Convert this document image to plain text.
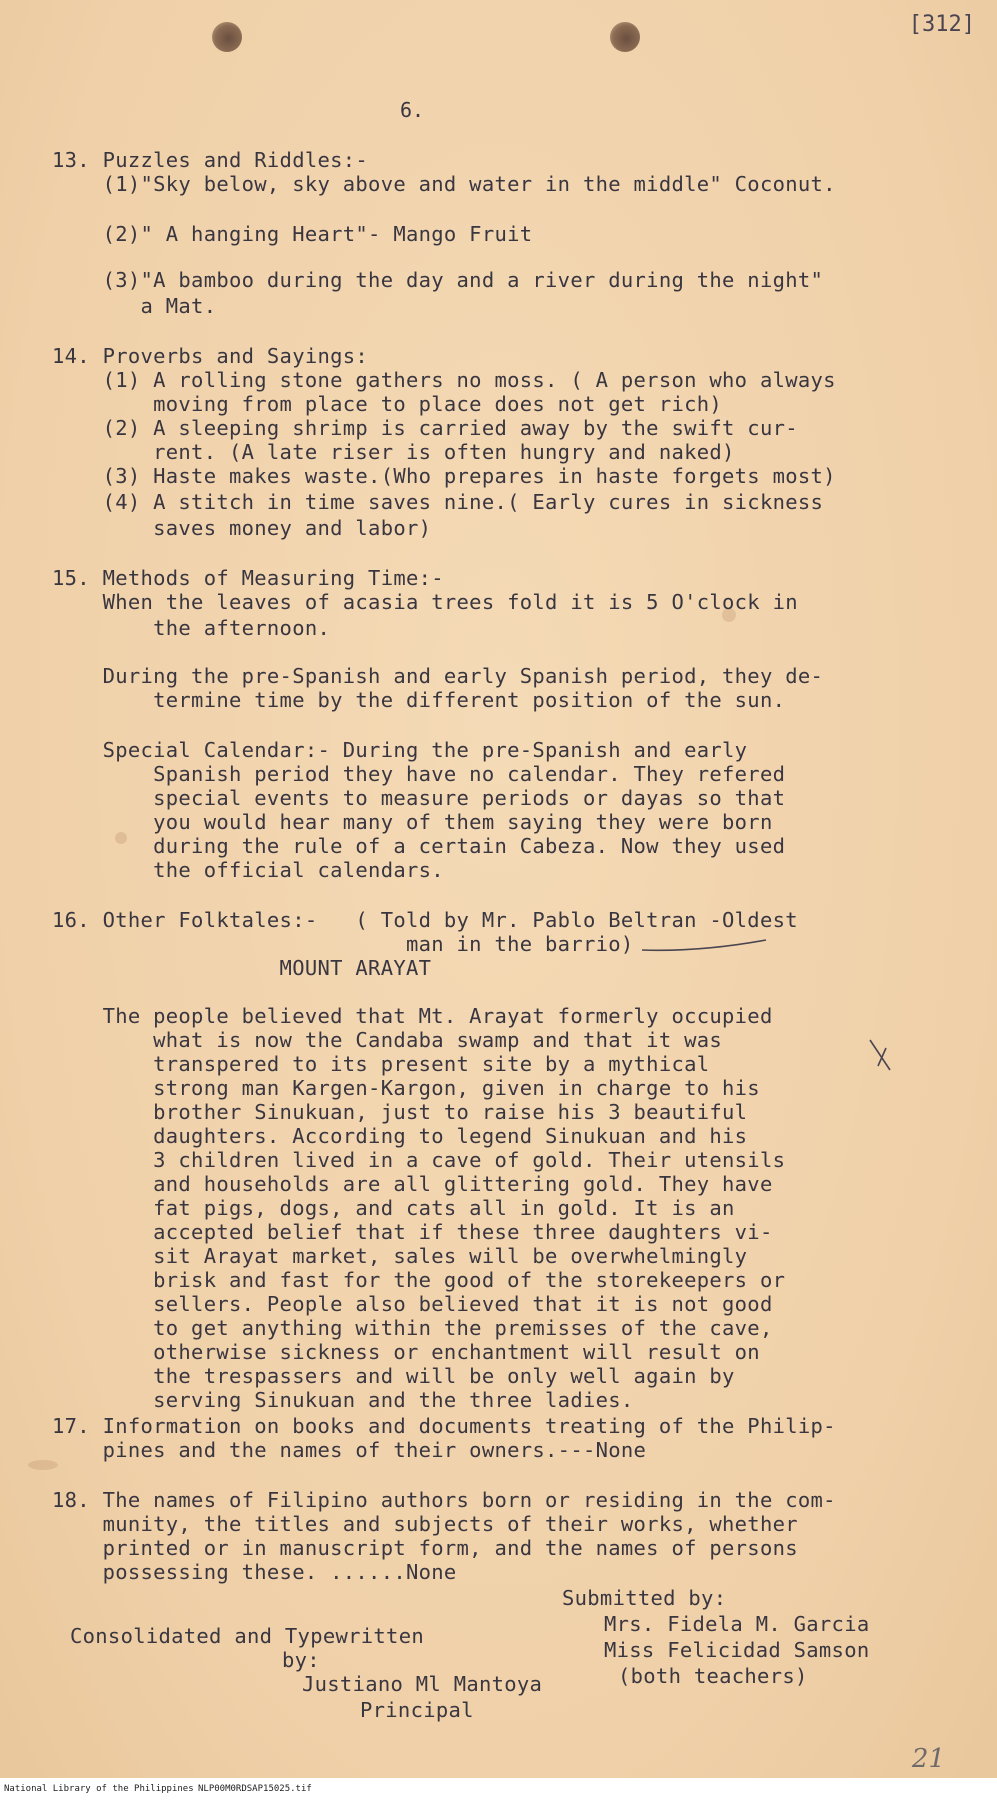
[312]
6.
13. Puzzles and Riddles:-
(1)"Sky below, sky above and water in the middle" Coconut.
(2)" A hanging Heart"- Mango Fruit
(3)"A bamboo during the day and a river during the night"
a Mat.
14. Proverbs and Sayings:
(1) A rolling stone gathers no moss. ( A person who always
moving from place to place does not get rich)
(2) A sleeping shrimp is carried away by the swift cur-
rent. (A late riser is often hungry and naked)
(3) Haste makes waste.(Who prepares in haste forgets most)
(4) A stitch in time saves nine.( Early cures in sickness
saves money and labor)
15. Methods of Measuring Time:-
When the leaves of acasia trees fold it is 5 O'clock in
the afternoon.
During the pre-Spanish and early Spanish period, they de-
termine time by the different position of the sun.
Special Calendar:- During the pre-Spanish and early
Spanish period they have no calendar. They refered
special events to measure periods or dayas so that
you would hear many of them saying they were born
during the rule of a certain Cabeza. Now they used
the official calendars.
16. Other Folktales:-   ( Told by Mr. Pablo Beltran -Oldest
man in the barrio)
MOUNT ARAYAT
The people believed that Mt. Arayat formerly occupied
what is now the Candaba swamp and that it was
transpered to its present site by a mythical
strong man Kargen-Kargon, given in charge to his
brother Sinukuan, just to raise his 3 beautiful
daughters. According to legend Sinukuan and his
3 children lived in a cave of gold. Their utensils
and households are all glittering gold. They have
fat pigs, dogs, and cats all in gold. It is an
accepted belief that if these three daughters vi-
sit Arayat market, sales will be overwhelmingly
brisk and fast for the good of the storekeepers or
sellers. People also believed that it is not good
to get anything within the premisses of the cave,
otherwise sickness or enchantment will result on
the trespassers and will be only well again by
serving Sinukuan and the three ladies.
17. Information on books and documents treating of the Philip-
pines and the names of their owners.---None
18. The names of Filipino authors born or residing in the com-
munity, the titles and subjects of their works, whether
printed or in manuscript form, and the names of persons
possessing these. ......None
Submitted by:
Mrs. Fidela M. Garcia
Miss Felicidad Samson
(both teachers)
Consolidated and Typewritten
by:
Justiano Ml Mantoya
Principal
21
National Library of the Philippines NLP00M0RDSAP15025.tif
